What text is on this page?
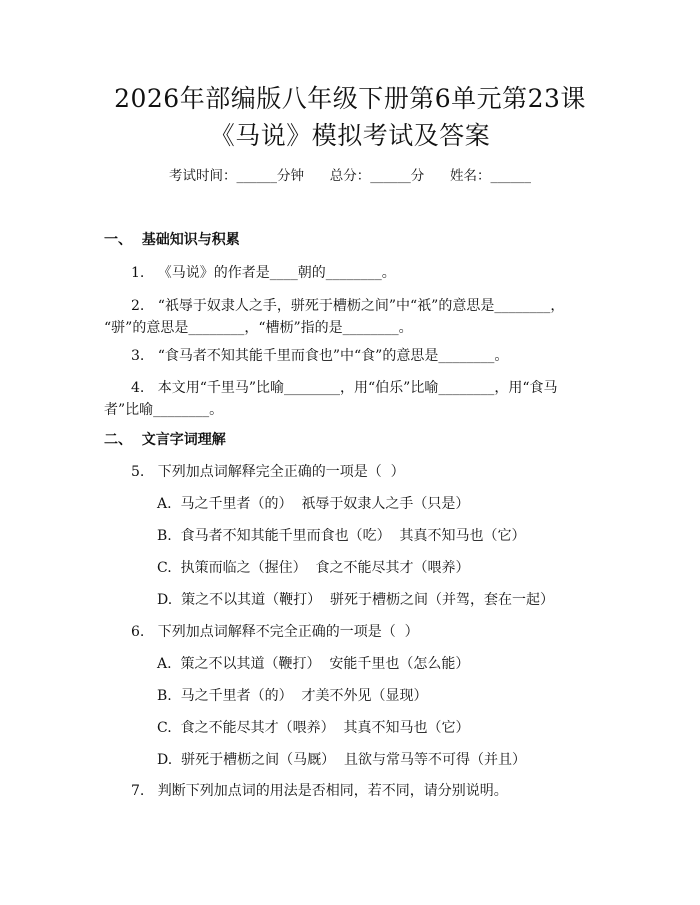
2026年部编版八年级下册第6单元第23课
《马说》模拟考试及答案
考试时间：______分钟      总分：______分      姓名：______
一、  基础知识与积累
1.   《马说》的作者是____朝的________。
2.   “祇辱于奴隶人之手，骈死于槽枥之间”中“祇”的意思是________，
“骈”的意思是________，“槽枥”指的是________。
3.   “食马者不知其能千里而食也”中“食”的意思是________。
4.   本文用“千里马”比喻________，用“伯乐”比喻________，用“食马
者”比喻________。
二、  文言字词理解
5.   下列加点词解释完全正确的一项是（  ）
A.  马之千里者（的）  祇辱于奴隶人之手（只是）
B.  食马者不知其能千里而食也（吃）  其真不知马也（它）
C.  执策而临之（握住）  食之不能尽其才（喂养）
D.  策之不以其道（鞭打）  骈死于槽枥之间（并驾，套在一起）
6.   下列加点词解释不完全正确的一项是（  ）
A.  策之不以其道（鞭打）  安能千里也（怎么能）
B.  马之千里者（的）  才美不外见（显现）
C.  食之不能尽其才（喂养）  其真不知马也（它）
D.  骈死于槽枥之间（马厩）  且欲与常马等不可得（并且）
7.   判断下列加点词的用法是否相同，若不同，请分别说明。
